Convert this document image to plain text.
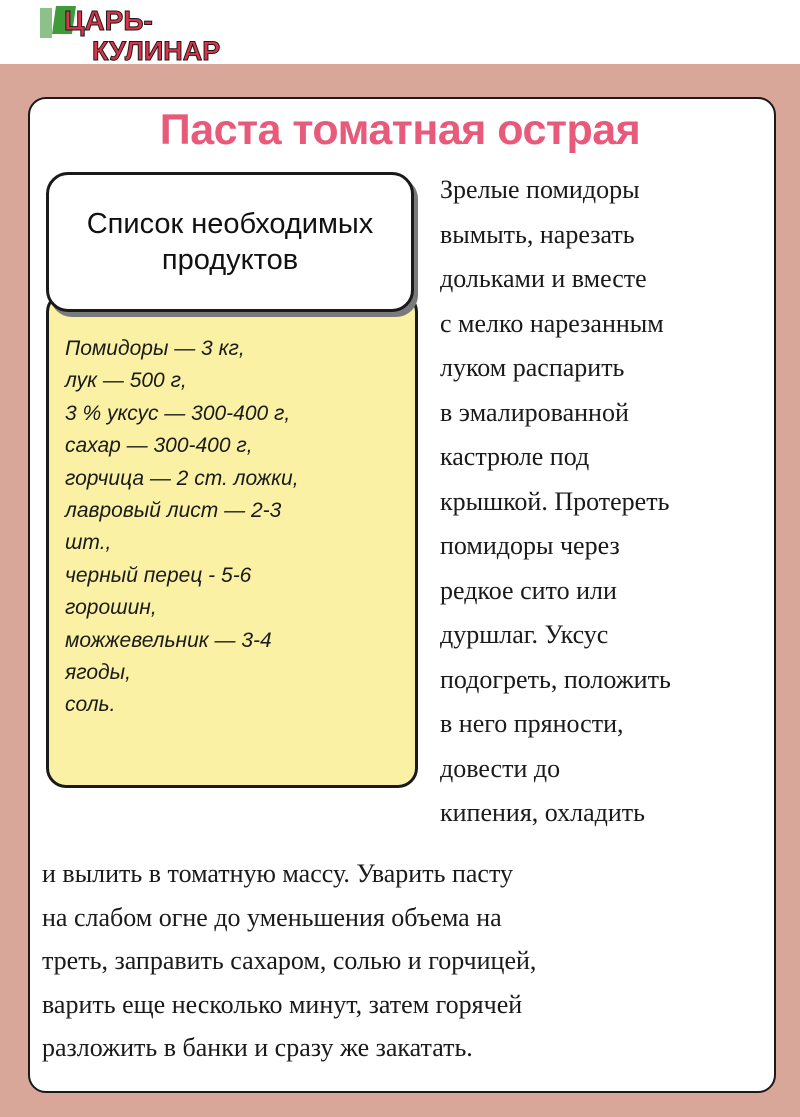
ЦАРЬ-
КУЛИНАР
Паста томатная острая
Список необходимых продуктов
Помидоры — 3 кг,
лук — 500 г,
3 % уксус — 300-400 г,
сахар — 300-400 г,
горчица — 2 ст. ложки,
лавровый лист — 2-3
шт.,
черный перец - 5-6
горошин,
можжевельник — 3-4
ягоды,
соль.

Зрелые помидоры
вымыть, нарезать
дольками и вместе
с мелко нарезанным
луком распарить
в эмалированной
кастрюле под
крышкой. Протереть
помидоры через
редкое сито или
дуршлаг. Уксус
подогреть, положить
в него пряности,
довести до
кипения, охладить

и вылить в томатную массу. Уварить пасту
на слабом огне до уменьшения объема на
треть, заправить сахаром, солью и горчицей,
варить еще несколько минут, затем горячей
разложить в банки и сразу же закатать.
